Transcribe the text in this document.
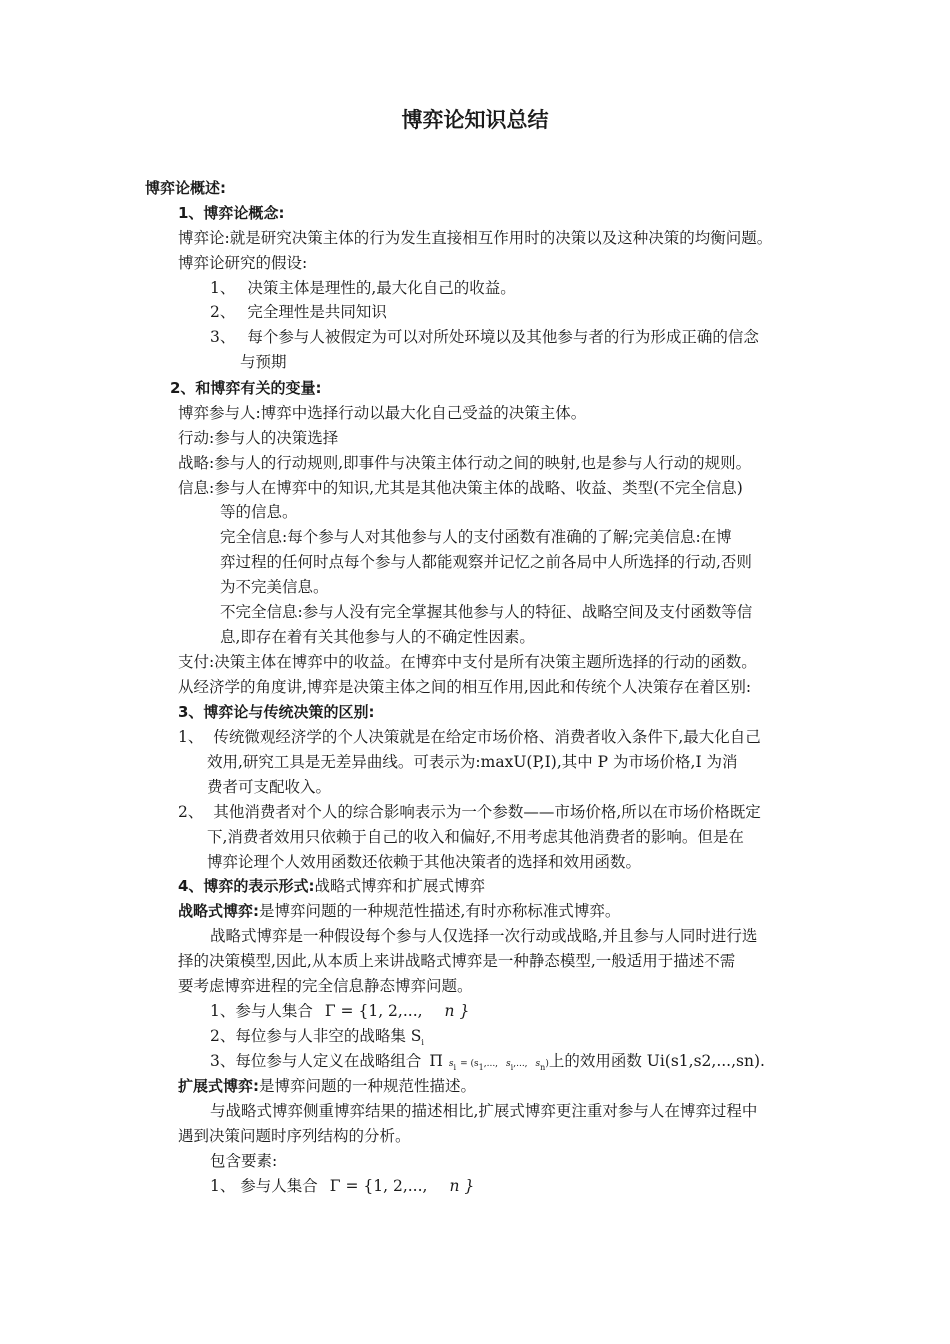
博弈论知识总结
博弈论概述:
1、博弈论概念:
博弈论:就是研究决策主体的行为发生直接相互作用时的决策以及这种决策的均衡问题。
博弈论研究的假设:
1、 决策主体是理性的,最大化自己的收益。
2、 完全理性是共同知识
3、 每个参与人被假定为可以对所处环境以及其他参与者的行为形成正确的信念
与预期
2、和博弈有关的变量:
博弈参与人:博弈中选择行动以最大化自己受益的决策主体。
行动:参与人的决策选择
战略:参与人的行动规则,即事件与决策主体行动之间的映射,也是参与人行动的规则。
信息:参与人在博弈中的知识,尤其是其他决策主体的战略、收益、类型(不完全信息)
等的信息。
完全信息:每个参与人对其他参与人的支付函数有准确的了解;完美信息:在博
弈过程的任何时点每个参与人都能观察并记忆之前各局中人所选择的行动,否则
为不完美信息。
不完全信息:参与人没有完全掌握其他参与人的特征、战略空间及支付函数等信
息,即存在着有关其他参与人的不确定性因素。
支付:决策主体在博弈中的收益。在博弈中支付是所有决策主题所选择的行动的函数。
从经济学的角度讲,博弈是决策主体之间的相互作用,因此和传统个人决策存在着区别:
3、博弈论与传统决策的区别:
1、 传统微观经济学的个人决策就是在给定市场价格、消费者收入条件下,最大化自己
效用,研究工具是无差异曲线。可表示为:maxU(P,I),其中 P 为市场价格,I 为消
费者可支配收入。
2、 其他消费者对个人的综合影响表示为一个参数——市场价格,所以在市场价格既定
下,消费者效用只依赖于自己的收入和偏好,不用考虑其他消费者的影响。但是在
博弈论理个人效用函数还依赖于其他决策者的选择和效用函数。
4、博弈的表示形式:战略式博弈和扩展式博弈
战略式博弈:是博弈问题的一种规范性描述,有时亦称标准式博弈。
战略式博弈是一种假设每个参与人仅选择一次行动或战略,并且参与人同时进行选
择的决策模型,因此,从本质上来讲战略式博弈是一种静态模型,一般适用于描述不需
要考虑博弈进程的完全信息静态博弈问题。
1、参与人集合 Γ = {1, 2,..., n }
2、每位参与人非空的战略集 $S_i$
3、每位参与人定义在战略组合 Π $s_i = (s_1$,..., $s_i$,..., $s_n$)上的效用函数 Ui(s1,s2,...,sn).
扩展式博弈:是博弈问题的一种规范性描述。
与战略式博弈侧重博弈结果的描述相比,扩展式博弈更注重对参与人在博弈过程中
遇到决策问题时序列结构的分析。
包含要素:
1、 参与人集合 Γ = {1, 2,..., n }
